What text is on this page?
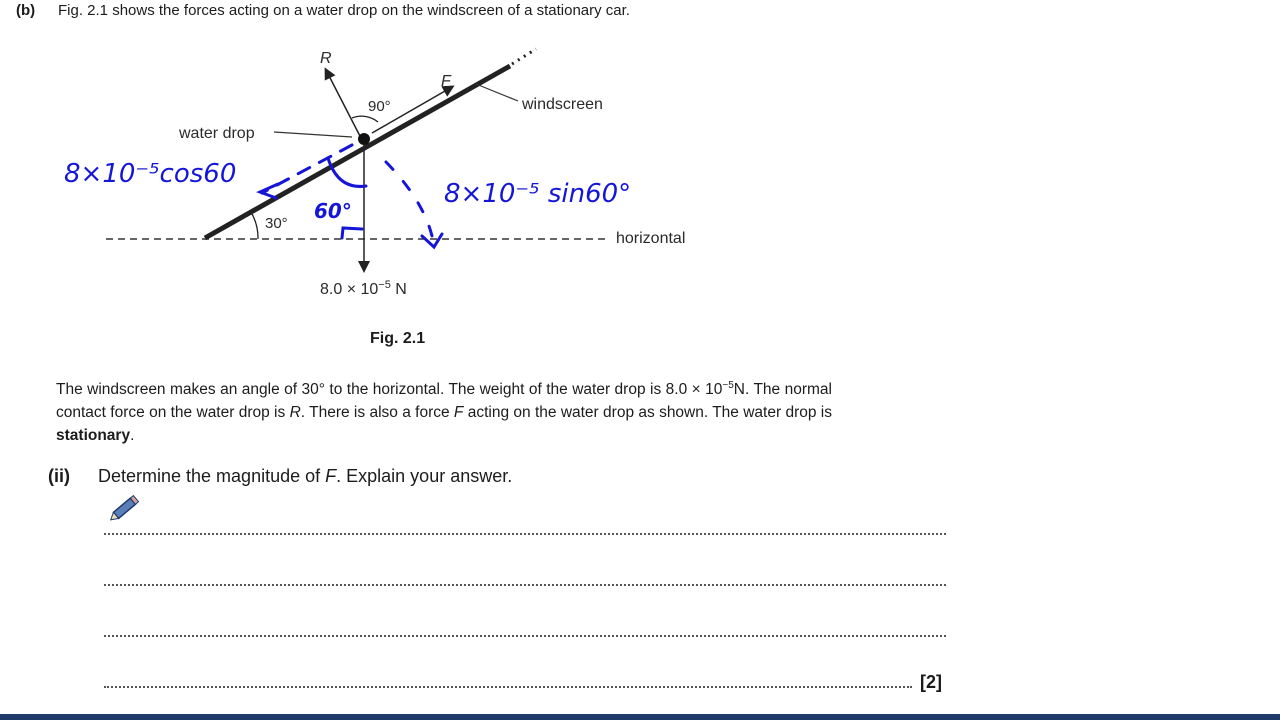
(b) Fig. 2.1 shows the forces acting on a water drop on the windscreen of a stationary car.
R
F
90°
30°
windscreen
water drop
horizontal
$8.0 \times 10^{-5}$ N
8×10⁻⁵cos60
8×10⁻⁵ sin60°
60°
Fig. 2.1
The windscreen makes an angle of 30° to the horizontal. The weight of the water drop is $8.0 \times 10^{-5}N$. The normal contact force on the water drop is R. There is also a force F acting on the water drop as shown. The water drop is stationary.
(ii) Determine the magnitude of F. Explain your answer.
[2]
